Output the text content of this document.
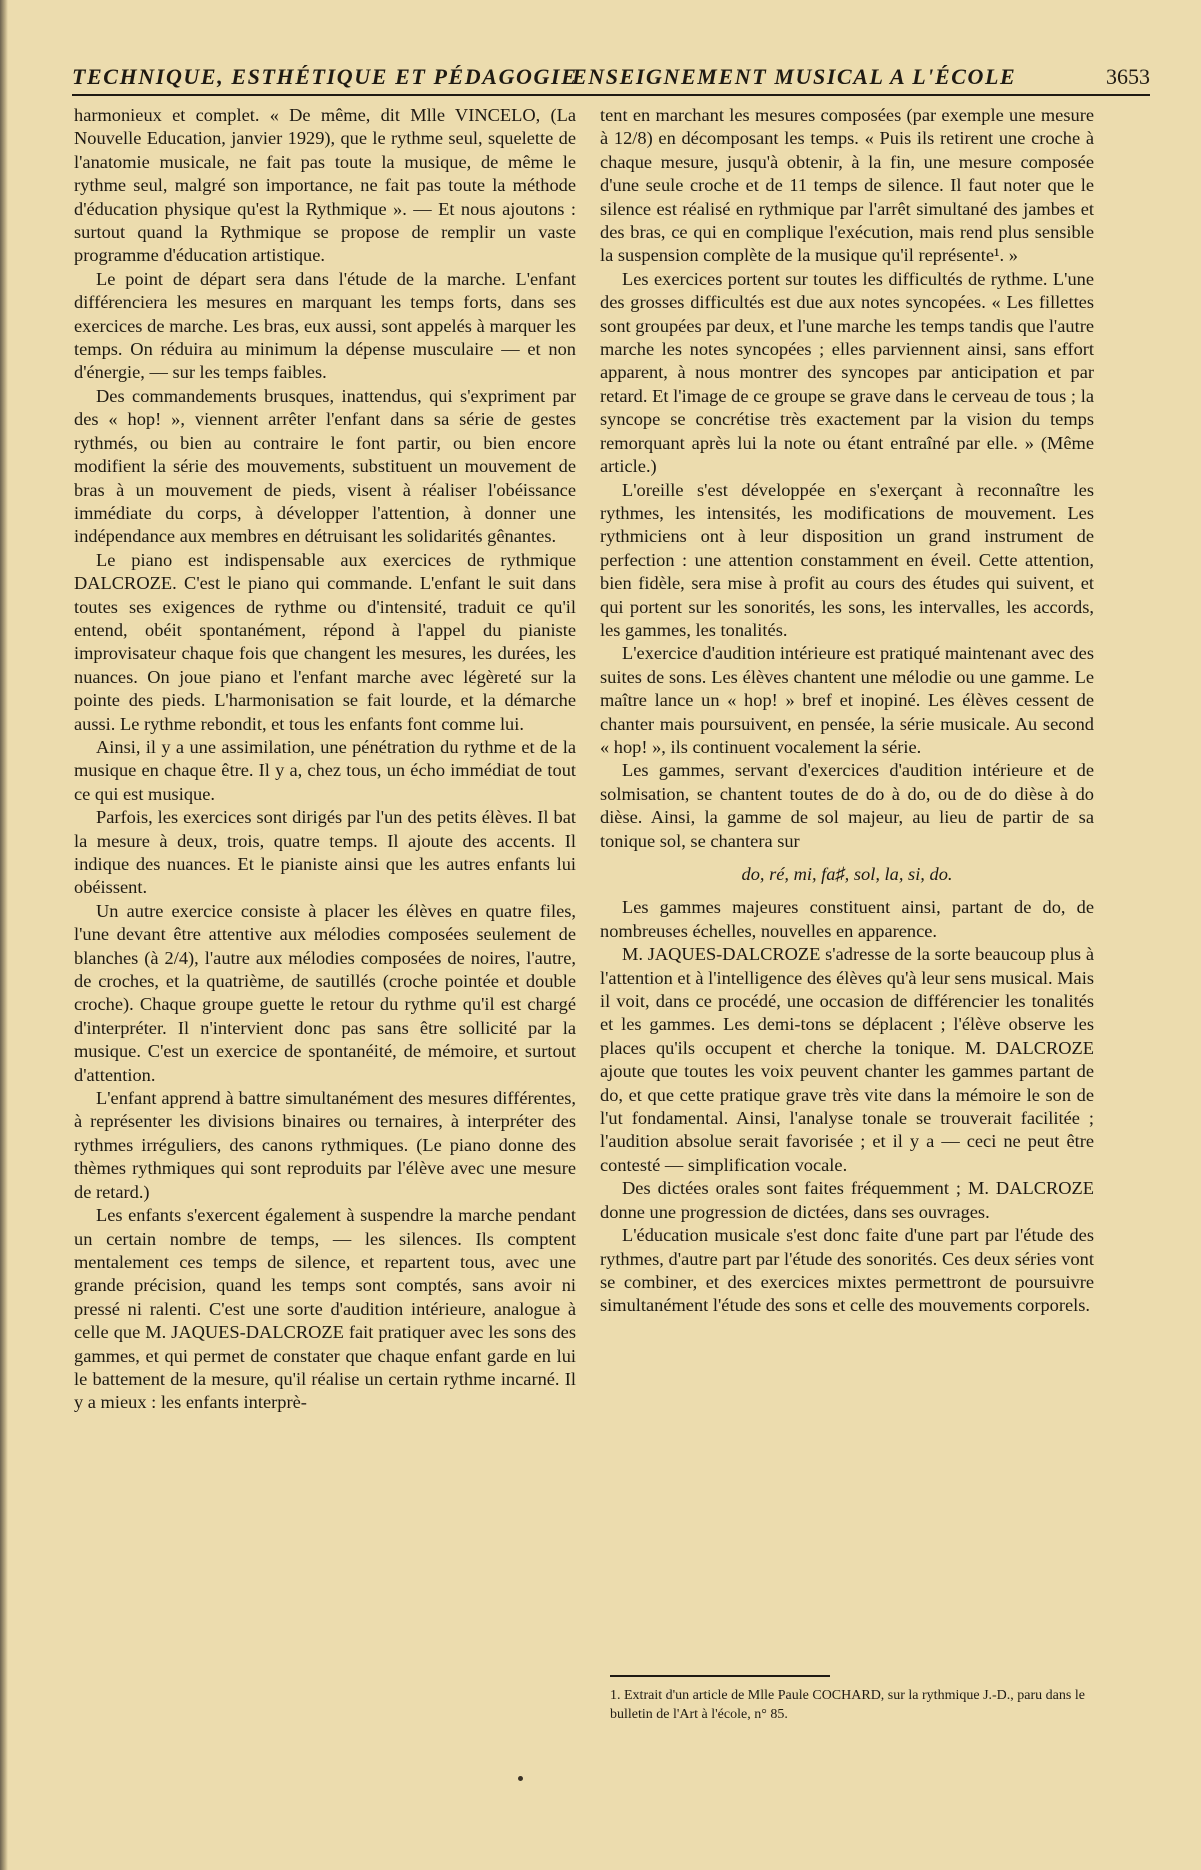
TECHNIQUE, ESTHÉTIQUE ET PÉDAGOGIE
ENSEIGNEMENT MUSICAL A L'ÉCOLE	3653

harmonieux et complet. « De même, dit Mlle VINCELO, (La Nouvelle Education, janvier 1929), que le rythme seul, squelette de l'anatomie musicale, ne fait pas toute la musique, de même le rythme seul, malgré son importance, ne fait pas toute la méthode d'éducation physique qu'est la Rythmique ». — Et nous ajoutons : surtout quand la Rythmique se propose de remplir un vaste programme d'éducation artistique.

Le point de départ sera dans l'étude de la marche. L'enfant différenciera les mesures en marquant les temps forts, dans ses exercices de marche. Les bras, eux aussi, sont appelés à marquer les temps. On réduira au minimum la dépense musculaire — et non d'énergie, — sur les temps faibles.

Des commandements brusques, inattendus, qui s'expriment par des « hop! », viennent arrêter l'enfant dans sa série de gestes rythmés, ou bien au contraire le font partir, ou bien encore modifient la série des mouvements, substituent un mouvement de bras à un mouvement de pieds, visent à réaliser l'obéissance immédiate du corps, à développer l'attention, à donner une indépendance aux membres en détruisant les solidarités gênantes.

Le piano est indispensable aux exercices de rythmique DALCROZE. C'est le piano qui commande. L'enfant le suit dans toutes ses exigences de rythme ou d'intensité, traduit ce qu'il entend, obéit spontanément, répond à l'appel du pianiste improvisateur chaque fois que changent les mesures, les durées, les nuances. On joue piano et l'enfant marche avec légèreté sur la pointe des pieds. L'harmonisation se fait lourde, et la démarche aussi. Le rythme rebondit, et tous les enfants font comme lui.

Ainsi, il y a une assimilation, une pénétration du rythme et de la musique en chaque être. Il y a, chez tous, un écho immédiat de tout ce qui est musique.

Parfois, les exercices sont dirigés par l'un des petits élèves. Il bat la mesure à deux, trois, quatre temps. Il ajoute des accents. Il indique des nuances. Et le pianiste ainsi que les autres enfants lui obéissent.

Un autre exercice consiste à placer les élèves en quatre files, l'une devant être attentive aux mélodies composées seulement de blanches (à 2/4), l'autre aux mélodies composées de noires, l'autre, de croches, et la quatrième, de sautillés (croche pointée et double croche). Chaque groupe guette le retour du rythme qu'il est chargé d'interpréter. Il n'intervient donc pas sans être sollicité par la musique. C'est un exercice de spontanéité, de mémoire, et surtout d'attention.

L'enfant apprend à battre simultanément des mesures différentes, à représenter les divisions binaires ou ternaires, à interpréter des rythmes irréguliers, des canons rythmiques. (Le piano donne des thèmes rythmiques qui sont reproduits par l'élève avec une mesure de retard.)

Les enfants s'exercent également à suspendre la marche pendant un certain nombre de temps, — les silences. Ils comptent mentalement ces temps de silence, et repartent tous, avec une grande précision, quand les temps sont comptés, sans avoir ni pressé ni ralenti. C'est une sorte d'audition intérieure, analogue à celle que M. JAQUES-DALCROZE fait pratiquer avec les sons des gammes, et qui permet de constater que chaque enfant garde en lui le battement de la mesure, qu'il réalise un certain rythme incarné. Il y a mieux : les enfants interprè-

tent en marchant les mesures composées (par exemple une mesure à 12/8) en décomposant les temps. « Puis ils retirent une croche à chaque mesure, jusqu'à obtenir, à la fin, une mesure composée d'une seule croche et de 11 temps de silence. Il faut noter que le silence est réalisé en rythmique par l'arrêt simultané des jambes et des bras, ce qui en complique l'exécution, mais rend plus sensible la suspension complète de la musique qu'il représente¹. »

Les exercices portent sur toutes les difficultés de rythme. L'une des grosses difficultés est due aux notes syncopées. « Les fillettes sont groupées par deux, et l'une marche les temps tandis que l'autre marche les notes syncopées ; elles parviennent ainsi, sans effort apparent, à nous montrer des syncopes par anticipation et par retard. Et l'image de ce groupe se grave dans le cerveau de tous ; la syncope se concrétise très exactement par la vision du temps remorquant après lui la note ou étant entraîné par elle. » (Même article.)

L'oreille s'est développée en s'exerçant à reconnaître les rythmes, les intensités, les modifications de mouvement. Les rythmiciens ont à leur disposition un grand instrument de perfection : une attention constamment en éveil. Cette attention, bien fidèle, sera mise à profit au cours des études qui suivent, et qui portent sur les sonorités, les sons, les intervalles, les accords, les gammes, les tonalités.

L'exercice d'audition intérieure est pratiqué maintenant avec des suites de sons. Les élèves chantent une mélodie ou une gamme. Le maître lance un « hop! » bref et inopiné. Les élèves cessent de chanter mais poursuivent, en pensée, la série musicale. Au second « hop! », ils continuent vocalement la série.

Les gammes, servant d'exercices d'audition intérieure et de solmisation, se chantent toutes de do à do, ou de do dièse à do dièse. Ainsi, la gamme de sol majeur, au lieu de partir de sa tonique sol, se chantera sur

do, ré, mi, fa♯, sol, la, si, do.

Les gammes majeures constituent ainsi, partant de do, de nombreuses échelles, nouvelles en apparence.

M. JAQUES-DALCROZE s'adresse de la sorte beaucoup plus à l'attention et à l'intelligence des élèves qu'à leur sens musical. Mais il voit, dans ce procédé, une occasion de différencier les tonalités et les gammes. Les demi-tons se déplacent ; l'élève observe les places qu'ils occupent et cherche la tonique. M. DALCROZE ajoute que toutes les voix peuvent chanter les gammes partant de do, et que cette pratique grave très vite dans la mémoire le son de l'ut fondamental. Ainsi, l'analyse tonale se trouverait facilitée ; l'audition absolue serait favorisée ; et il y a — ceci ne peut être contesté — simplification vocale.

Des dictées orales sont faites fréquemment ; M. DALCROZE donne une progression de dictées, dans ses ouvrages.

L'éducation musicale s'est donc faite d'une part par l'étude des rythmes, d'autre part par l'étude des sonorités. Ces deux séries vont se combiner, et des exercices mixtes permettront de poursuivre simultanément l'étude des sons et celle des mouvements corporels.

1. Extrait d'un article de Mlle Paule COCHARD, sur la rythmique J.-D., paru dans le bulletin de l'Art à l'école, n° 85.
